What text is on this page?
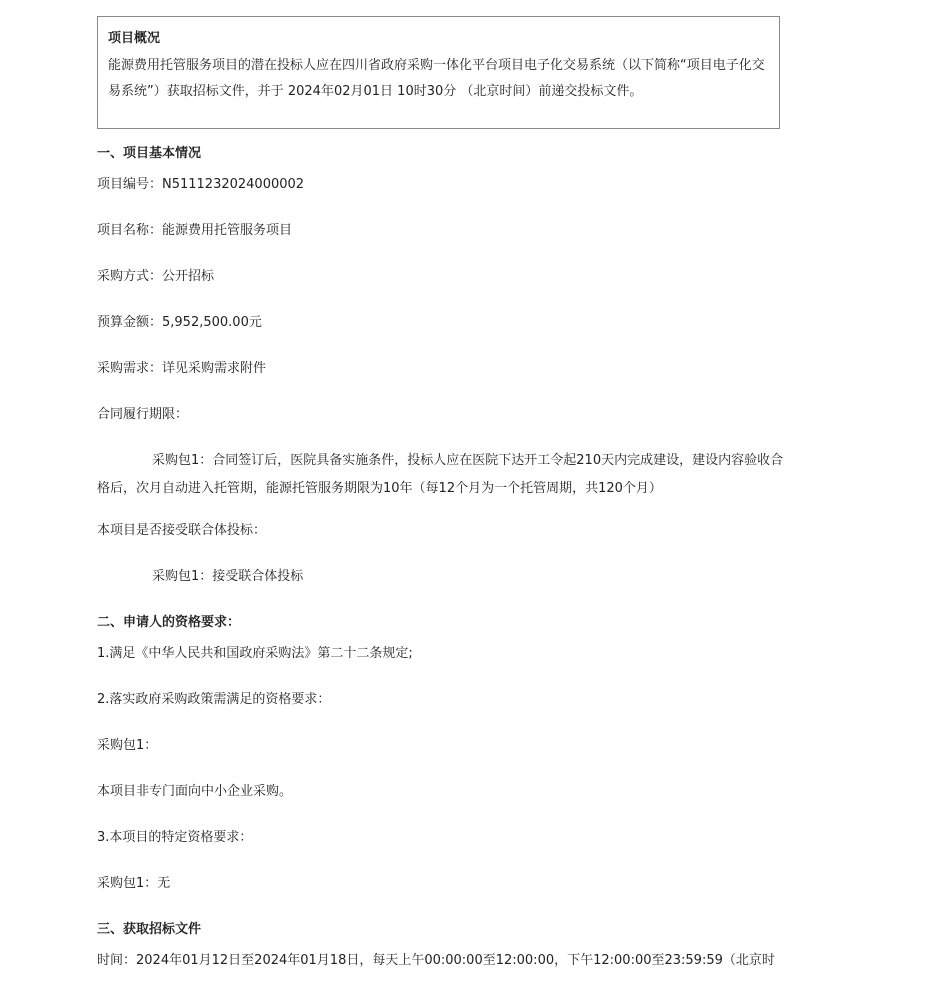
项目概况
能源费用托管服务项目的潜在投标人应在四川省政府采购一体化平台项目电子化交易系统（以下简称“项目电子化交易系统”）获取招标文件，并于 2024年02月01日 10时30分 （北京时间）前递交投标文件。
一、项目基本情况
项目编号：N5111232024000002
项目名称：能源费用托管服务项目
采购方式：公开招标
预算金额：5,952,500.00元
采购需求：详见采购需求附件
合同履行期限：
采购包1：合同签订后，医院具备实施条件，投标人应在医院下达开工令起210天内完成建设，建设内容验收合格后，次月自动进入托管期，能源托管服务期限为10年（每12个月为一个托管周期，共120个月）
本项目是否接受联合体投标：
采购包1：接受联合体投标
二、申请人的资格要求：
1.满足《中华人民共和国政府采购法》第二十二条规定;
2.落实政府采购政策需满足的资格要求：
采购包1：
本项目非专门面向中小企业采购。
3.本项目的特定资格要求：
采购包1：无
三、获取招标文件
时间：2024年01月12日至2024年01月18日，每天上午00:00:00至12:00:00，下午12:00:00至23:59:59（北京时
